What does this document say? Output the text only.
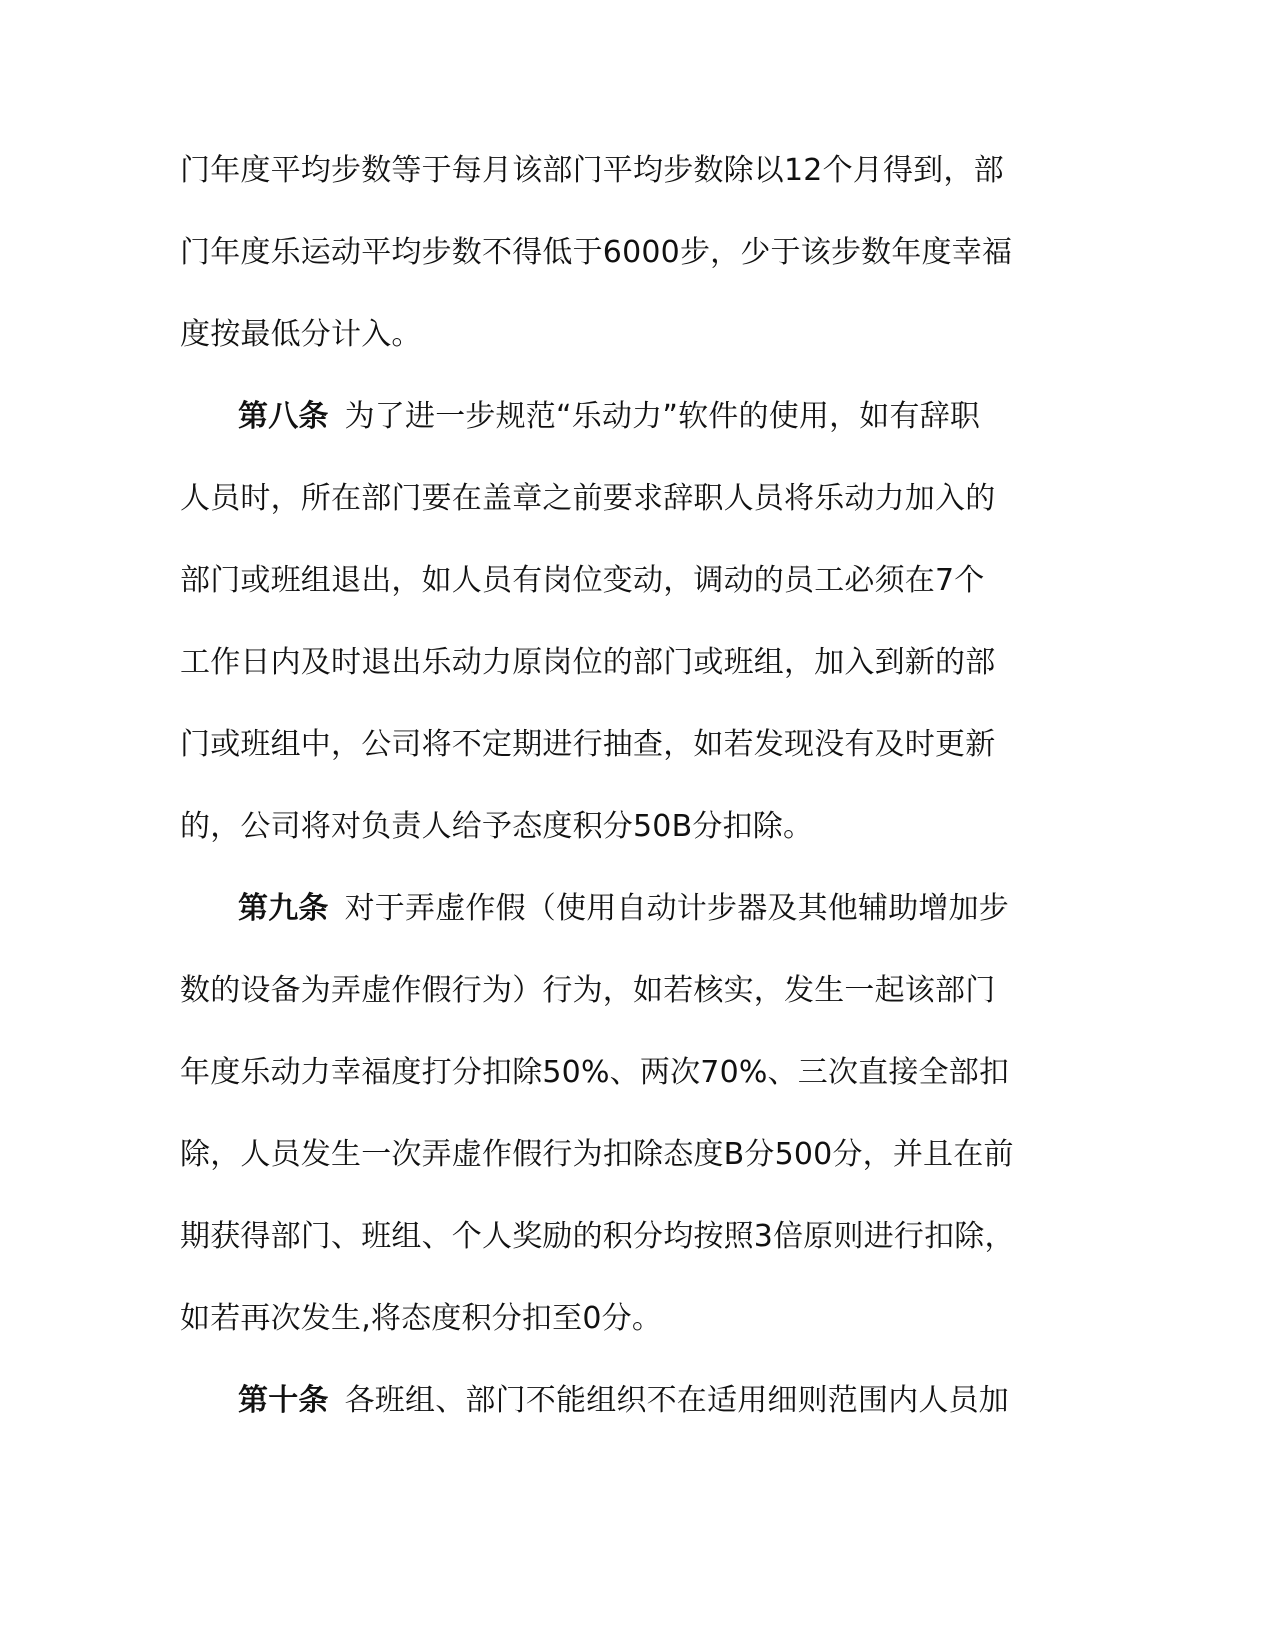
门年度平均步数等于每月该部门平均步数除以12个月得到，部
门年度乐运动平均步数不得低于6000步，少于该步数年度幸福
度按最低分计入。
第八条 为了进一步规范“乐动力”软件的使用，如有辞职
人员时，所在部门要在盖章之前要求辞职人员将乐动力加入的
部门或班组退出，如人员有岗位变动，调动的员工必须在7个
工作日内及时退出乐动力原岗位的部门或班组，加入到新的部
门或班组中，公司将不定期进行抽查，如若发现没有及时更新
的，公司将对负责人给予态度积分50B分扣除。
第九条 对于弄虚作假（使用自动计步器及其他辅助增加步
数的设备为弄虚作假行为）行为，如若核实，发生一起该部门
年度乐动力幸福度打分扣除50%、两次70%、三次直接全部扣
除，人员发生一次弄虚作假行为扣除态度B分500分，并且在前
期获得部门、班组、个人奖励的积分均按照3倍原则进行扣除，
如若再次发生,将态度积分扣至0分。
第十条 各班组、部门不能组织不在适用细则范围内人员加
